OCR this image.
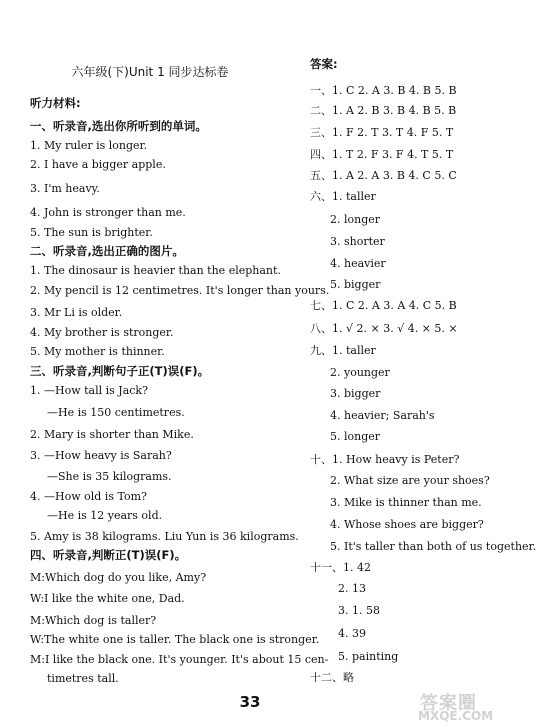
六年级(下)Unit 1 同步达标卷
听力材料:
一、听录音,选出你所听到的单词。
1. My ruler is longer.
2. I have a bigger apple.
3. I'm heavy.
4. John is stronger than me.
5. The sun is brighter.
二、听录音,选出正确的图片。
1. The dinosaur is heavier than the elephant.
2. My pencil is 12 centimetres. It's longer than yours.
3. Mr Li is older.
4. My brother is stronger.
5. My mother is thinner.
三、听录音,判断句子正(T)误(F)。
1. —How tall is Jack?
—He is 150 centimetres.
2. Mary is shorter than Mike.
3. —How heavy is Sarah?
—She is 35 kilograms.
4. —How old is Tom?
—He is 12 years old.
5. Amy is 38 kilograms. Liu Yun is 36 kilograms.
四、听录音,判断正(T)误(F)。
M:Which dog do you like, Amy?
W:I like the white one, Dad.
M:Which dog is taller?
W:The white one is taller. The black one is stronger.
M:I like the black one. It's younger. It's about 15 cen-
timetres tall.
答案:
一、1. C 2. A 3. B 4. B 5. B
二、1. A 2. B 3. B 4. B 5. B
三、1. F 2. T 3. T 4. F 5. T
四、1. T 2. F 3. F 4. T 5. T
五、1. A 2. A 3. B 4. C 5. C
六、1. taller
2. longer
3. shorter
4. heavier
5. bigger
七、1. C 2. A 3. A 4. C 5. B
八、1. √ 2. × 3. √ 4. × 5. ×
九、1. taller
2. younger
3. bigger
4. heavier; Sarah's
5. longer
十、1. How heavy is Peter?
2. What size are your shoes?
3. Mike is thinner than me.
4. Whose shoes are bigger?
5. It's taller than both of us together.
十一、1. 42
2. 13
3. 1. 58
4. 39
5. painting
十二、略
33	答案圈
MXQE.COM
